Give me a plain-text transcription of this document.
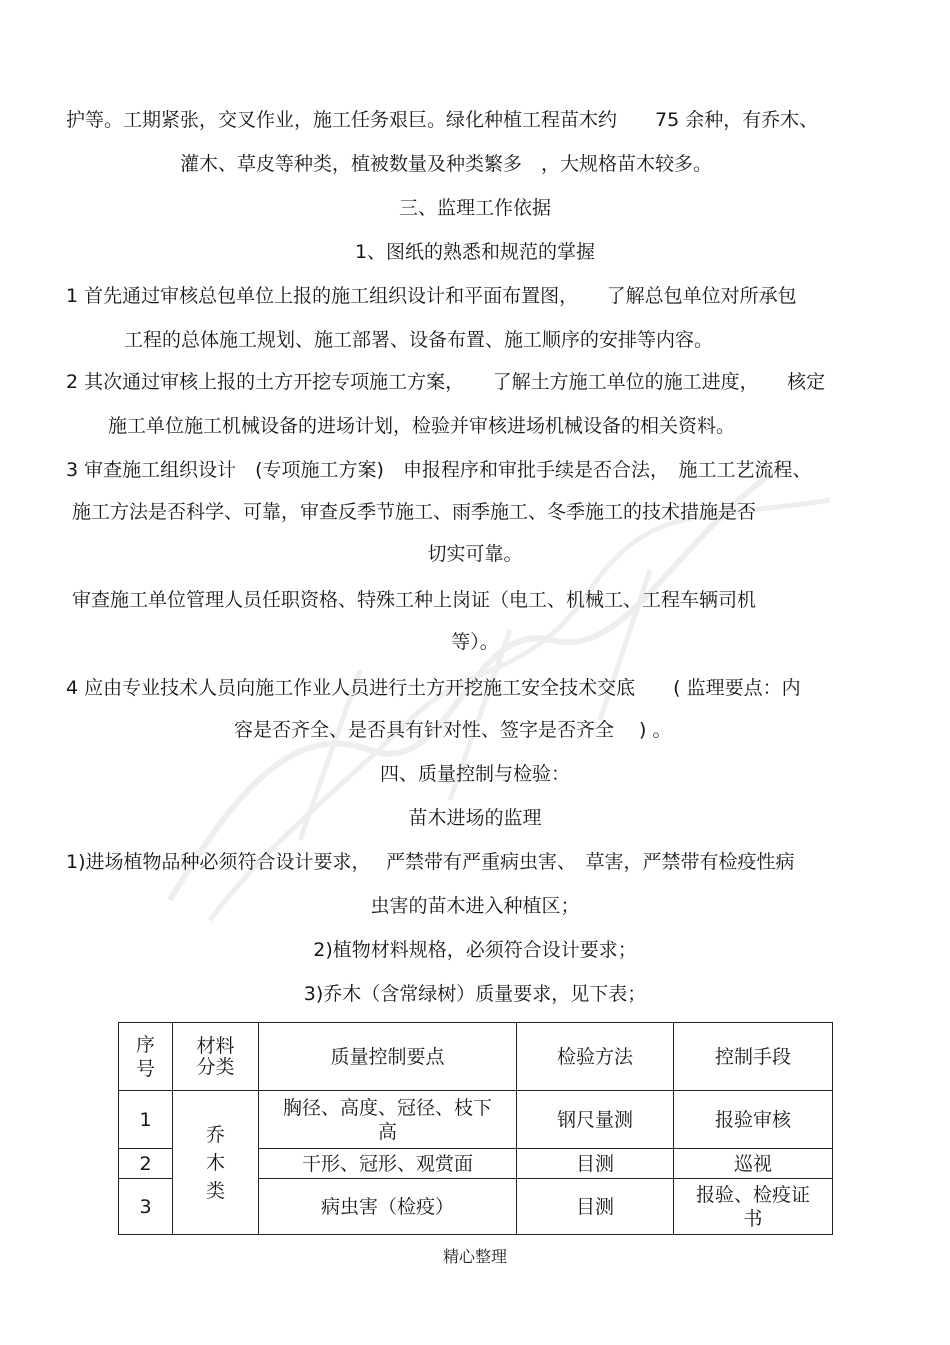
护等。工期紧张，交叉作业，施工任务艰巨。绿化种植工程苗木约　　75 余种，有乔木、
灌木、草皮等种类，植被数量及种类繁多　，大规格苗木较多。
三、监理工作依据
1、图纸的熟悉和规范的掌握
1 首先通过审核总包单位上报的施工组织设计和平面布置图，　　了解总包单位对所承包
工程的总体施工规划、施工部署、设备布置、施工顺序的安排等内容。
2 其次通过审核上报的土方开挖专项施工方案，　　了解土方施工单位的施工进度，　　核定
施工单位施工机械设备的进场计划，检验并审核进场机械设备的相关资料。
3 审查施工组织设计　(专项施工方案)　申报程序和审批手续是否合法，　施工工艺流程、
施工方法是否科学、可靠，审查反季节施工、雨季施工、冬季施工的技术措施是否
切实可靠。
审查施工单位管理人员任职资格、特殊工种上岗证（电工、机械工、工程车辆司机
等）。
4 应由专业技术人员向施工作业人员进行土方开挖施工安全技术交底　　( 监理要点：内
容是否齐全、是否具有针对性、签字是否齐全　 ) 。
四、质量控制与检验：
苗木进场的监理
1)进场植物品种必须符合设计要求，　 严禁带有严重病虫害、　草害，严禁带有检疫性病
虫害的苗木进入种植区；
2)植物材料规格，必须符合设计要求；
3)乔木（含常绿树）质量要求，见下表；
序号	材料分类	质量控制要点	检验方法	控制手段
1	乔木类	胸径、高度、冠径、枝下高	钢尺量测	报验审核
2		干形、冠形、观赏面	目测	巡视
3		病虫害（检疫）	目测	报验、检疫证书
精心整理
